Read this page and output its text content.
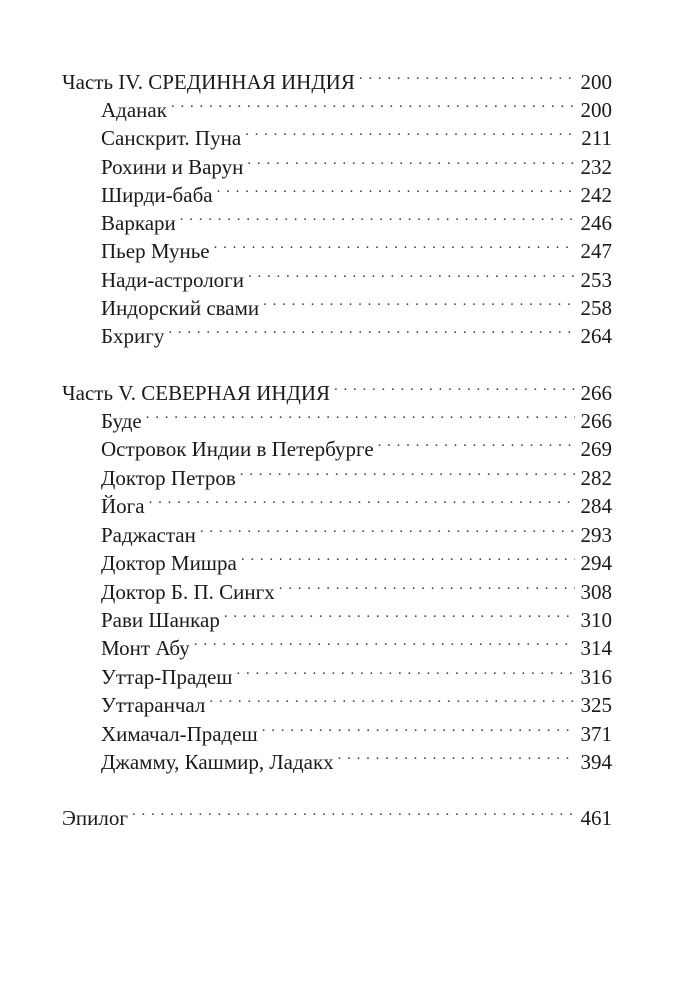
Часть IV. СРЕДИННАЯ ИНДИЯ . . .	200
Аданак . . .	200
Санскрит. Пуна . . .	211
Рохини и Варун . . .	232
Ширди-баба . . .	242
Варкари . . .	246
Пьер Мунье . . .	247
Нади-астрологи . . .	253
Индорский свами . . .	258
Бхригу . . .	264
Часть V. СЕВЕРНАЯ ИНДИЯ . . .	266
Буде . . .	266
Островок Индии в Петербурге . . .	269
Доктор Петров . . .	282
Йога . . .	284
Раджастан . . .	293
Доктор Мишра . . .	294
Доктор Б. П. Сингх . . .	308
Рави Шанкар . . .	310
Монт Абу . . .	314
Уттар-Прадеш . . .	316
Уттаранчал . . .	325
Химачал-Прадеш . . .	371
Джамму, Кашмир, Ладакх . . .	394
Эпилог . . .	461
